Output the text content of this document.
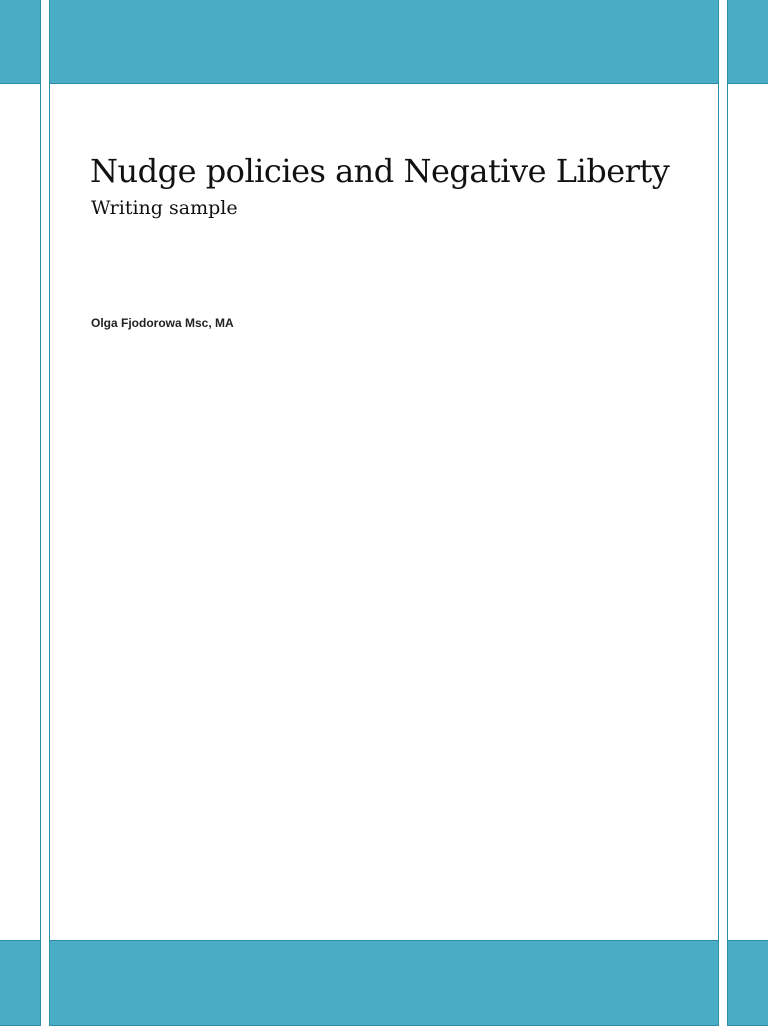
Nudge policies and Negative Liberty
Writing sample

Olga Fjodorowa Msc, MA
